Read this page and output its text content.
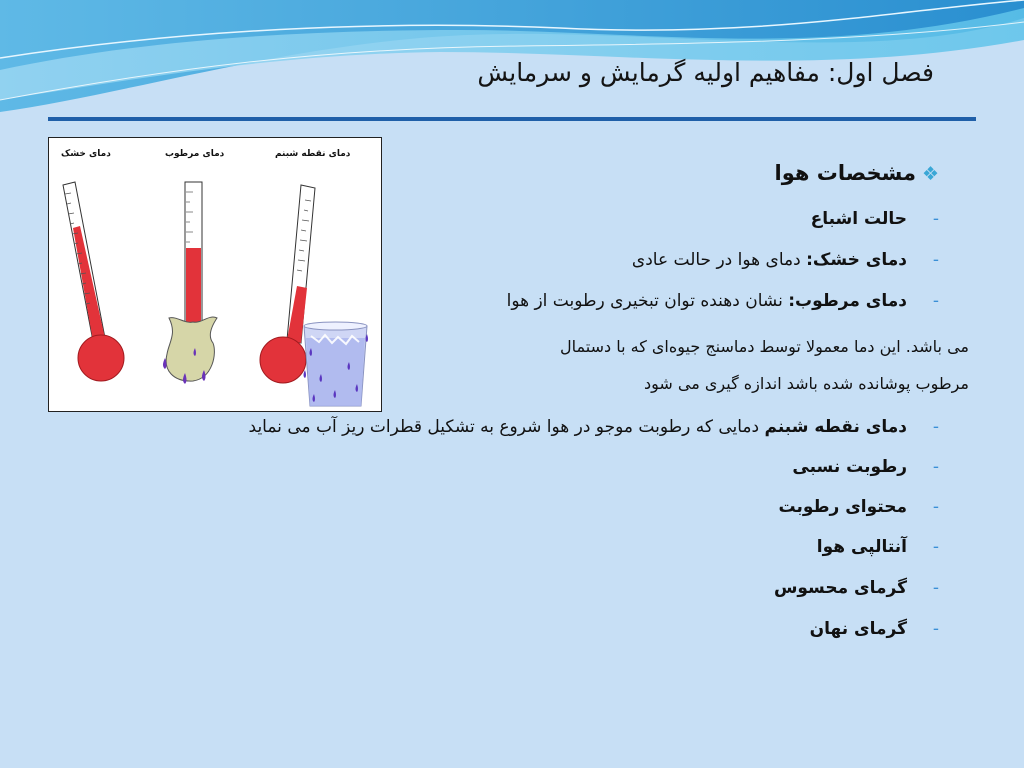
فصل اول: مفاهیم اولیه گرمایش و سرمایش
دمای خشک	دمای مرطوب	دمای نقطه شبنم
❖مشخصات هوا
-حالت اشباع
-دمای خشک: دمای هوا در حالت عادی
-دمای مرطوب: نشان دهنده توان تبخیری رطوبت از هوا
می باشد. این دما معمولا توسط دماسنج جیوه‌ای که با دستمال
مرطوب پوشانده شده باشد اندازه گیری می شود
-دمای نقطه شبنم دمایی که رطوبت موجو در هوا شروع به تشکیل قطرات ریز آب می نماید
-رطوبت نسبی
-محتوای رطوبت
-آنتالپی هوا
-گرمای محسوس
-گرمای نهان
